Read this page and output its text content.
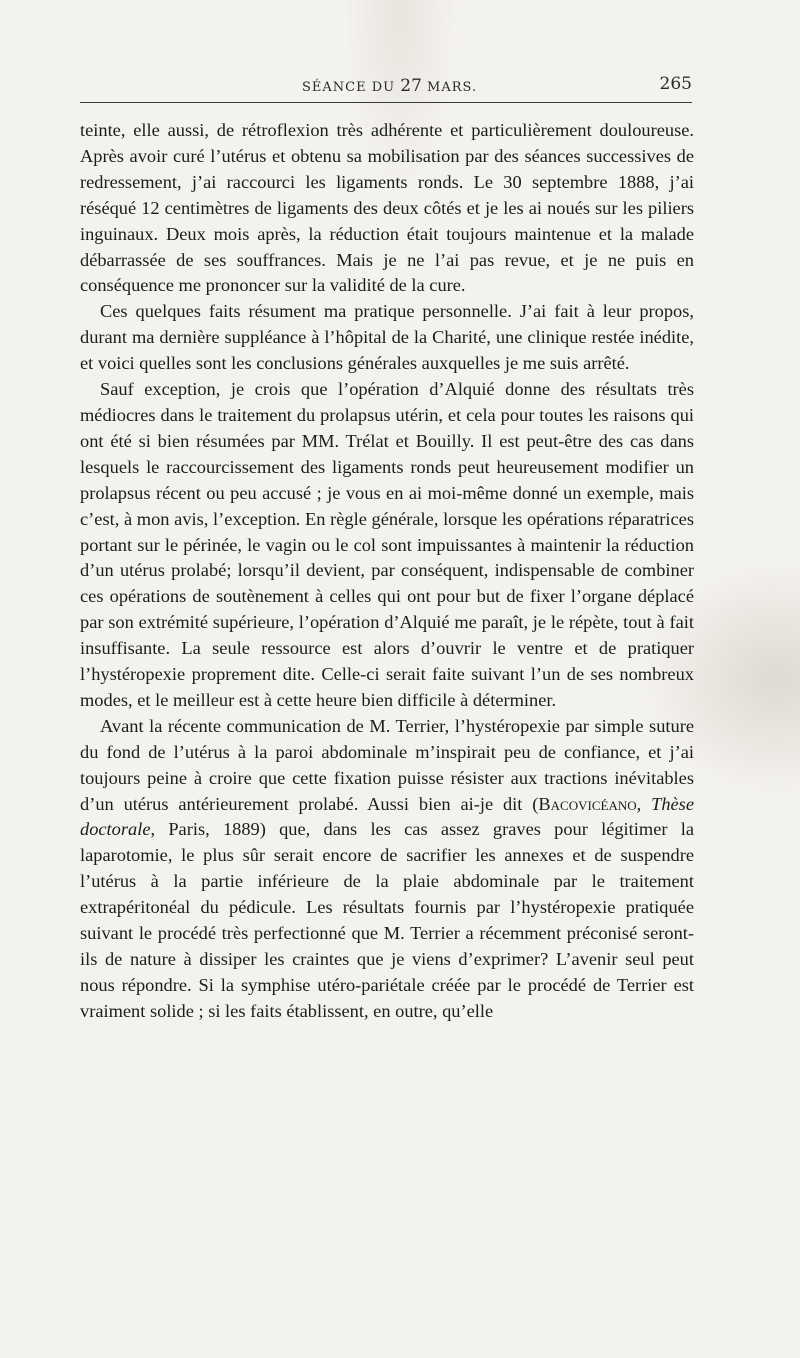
SÉANCE DU 27 MARS.	265

teinte, elle aussi, de rétroflexion très adhérente et particulièrement douloureuse. Après avoir curé l’utérus et obtenu sa mobilisation par des séances successives de redressement, j’ai raccourci les ligaments ronds. Le 30 septembre 1888, j’ai réséqué 12 centimètres de ligaments des deux côtés et je les ai noués sur les piliers inguinaux. Deux mois après, la réduction était toujours maintenue et la malade débarrassée de ses souffrances. Mais je ne l’ai pas revue, et je ne puis en conséquence me prononcer sur la validité de la cure.

Ces quelques faits résument ma pratique personnelle. J’ai fait à leur propos, durant ma dernière suppléance à l’hôpital de la Charité, une clinique restée inédite, et voici quelles sont les conclusions générales auxquelles je me suis arrêté.

Sauf exception, je crois que l’opération d’Alquié donne des résultats très médiocres dans le traitement du prolapsus utérin, et cela pour toutes les raisons qui ont été si bien résumées par MM. Trélat et Bouilly. Il est peut-être des cas dans lesquels le raccourcissement des ligaments ronds peut heureusement modifier un prolapsus récent ou peu accusé ; je vous en ai moi-même donné un exemple, mais c’est, à mon avis, l’exception. En règle générale, lorsque les opérations réparatrices portant sur le périnée, le vagin ou le col sont impuissantes à maintenir la réduction d’un utérus prolabé; lorsqu’il devient, par conséquent, indispensable de combiner ces opérations de soutènement à celles qui ont pour but de fixer l’organe déplacé par son extrémité supérieure, l’opération d’Alquié me paraît, je le répète, tout à fait insuffisante. La seule ressource est alors d’ouvrir le ventre et de pratiquer l’hystéropexie proprement dite. Celle-ci serait faite suivant l’un de ses nombreux modes, et le meilleur est à cette heure bien difficile à déterminer.

Avant la récente communication de M. Terrier, l’hystéropexie par simple suture du fond de l’utérus à la paroi abdominale m’inspirait peu de confiance, et j’ai toujours peine à croire que cette fixation puisse résister aux tractions inévitables d’un utérus antérieurement prolabé. Aussi bien ai-je dit (Bacovicéano, Thèse doctorale, Paris, 1889) que, dans les cas assez graves pour légitimer la laparotomie, le plus sûr serait encore de sacrifier les annexes et de suspendre l’utérus à la partie inférieure de la plaie abdominale par le traitement extrapéritonéal du pédicule. Les résultats fournis par l’hystéropexie pratiquée suivant le procédé très perfectionné que M. Terrier a récemment préconisé seront-ils de nature à dissiper les craintes que je viens d’exprimer? L’avenir seul peut nous répondre. Si la symphise utéro-pariétale créée par le procédé de Terrier est vraiment solide ; si les faits établissent, en outre, qu’elle
